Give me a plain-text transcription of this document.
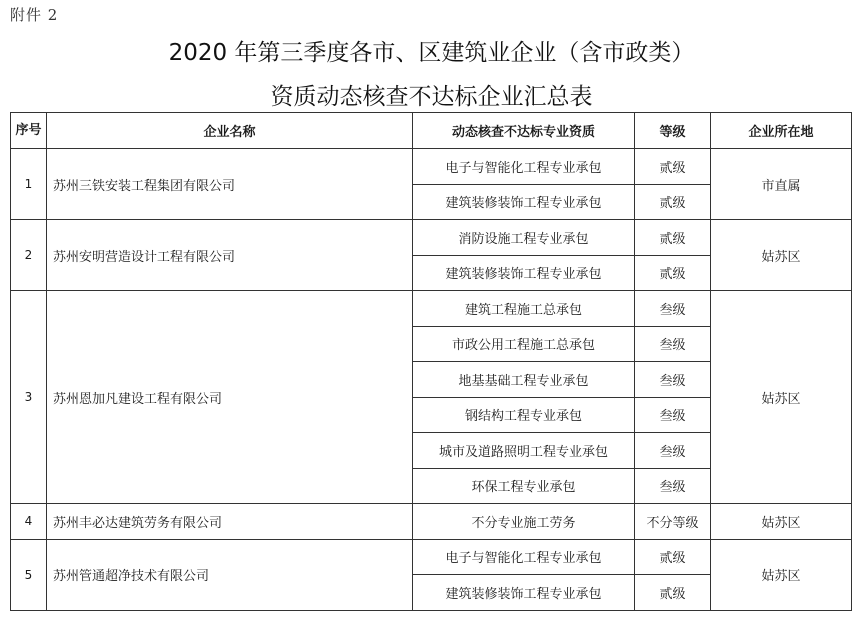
附件 2
2020 年第三季度各市、区建筑业企业（含市政类）
资质动态核查不达标企业汇总表
序号	企业名称	动态核查不达标专业资质	等级	企业所在地
1	苏州三铁安装工程集团有限公司	电子与智能化工程专业承包	贰级	市直属
		建筑装修装饰工程专业承包	贰级	
2	苏州安明营造设计工程有限公司	消防设施工程专业承包	贰级	姑苏区
		建筑装修装饰工程专业承包	贰级	
3	苏州恩加凡建设工程有限公司	建筑工程施工总承包	叁级	姑苏区
		市政公用工程施工总承包	叁级	
		地基基础工程专业承包	叁级	
		钢结构工程专业承包	叁级	
		城市及道路照明工程专业承包	叁级	
		环保工程专业承包	叁级	
4	苏州丰必达建筑劳务有限公司	不分专业施工劳务	不分等级	姑苏区
5	苏州管通超净技术有限公司	电子与智能化工程专业承包	贰级	姑苏区
		建筑装修装饰工程专业承包	贰级	
